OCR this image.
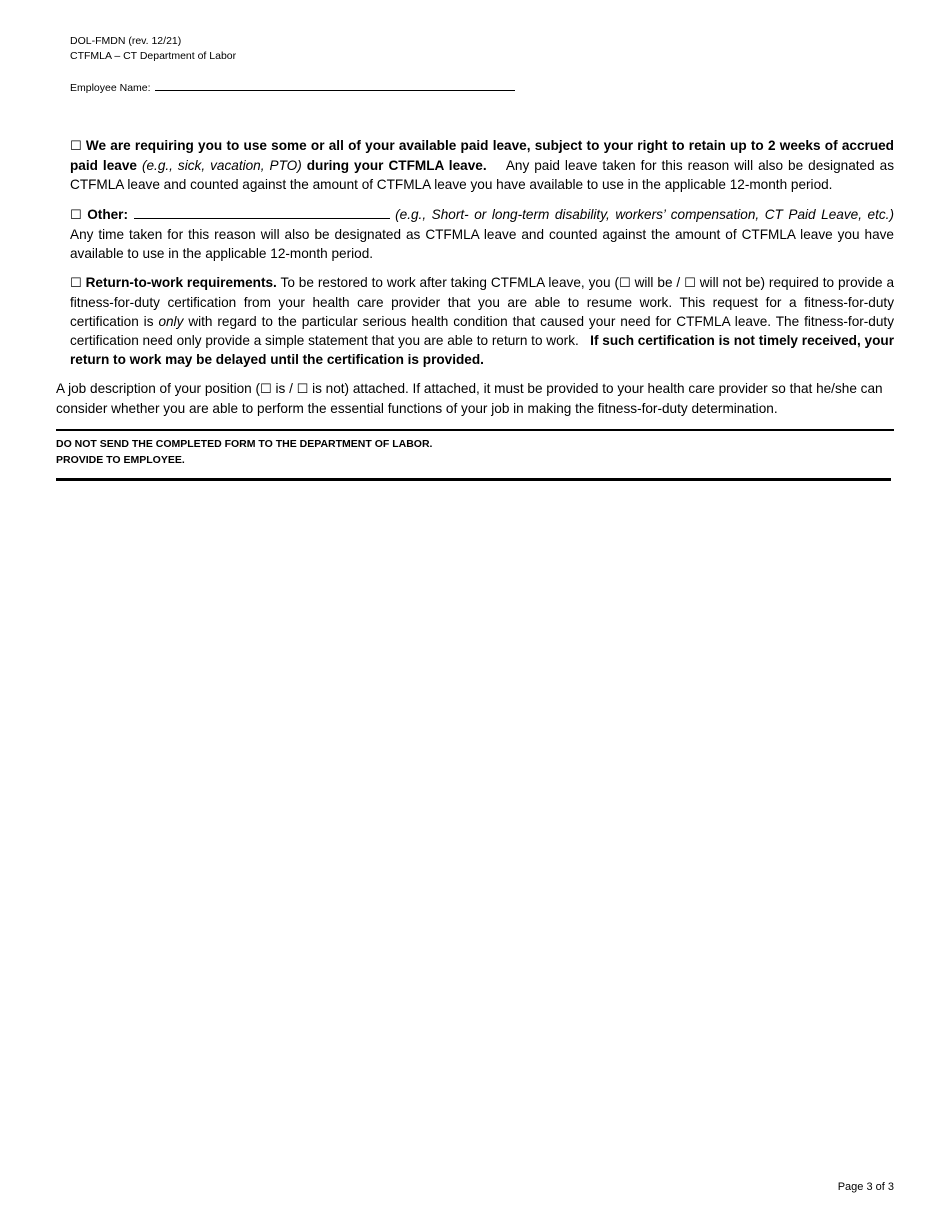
DOL-FMDN (rev. 12/21)
CTFMLA – CT Department of Labor
Employee Name:
☐ We are requiring you to use some or all of your available paid leave, subject to your right to retain up to 2 weeks of accrued paid leave (e.g., sick, vacation, PTO) during your CTFMLA leave. Any paid leave taken for this reason will also be designated as CTFMLA leave and counted against the amount of CTFMLA leave you have available to use in the applicable 12-month period.
☐ Other:	(e.g., Short- or long-term disability, workers’ compensation, CT Paid Leave, etc.) Any time taken for this reason will also be designated as CTFMLA leave and counted against the amount of CTFMLA leave you have available to use in the applicable 12-month period.
☐ Return-to-work requirements. To be restored to work after taking CTFMLA leave, you (☐ will be / ☐ will not be) required to provide a fitness-for-duty certification from your health care provider that you are able to resume work. This request for a fitness-for-duty certification is only with regard to the particular serious health condition that caused your need for CTFMLA leave. The fitness-for-duty certification need only provide a simple statement that you are able to return to work. If such certification is not timely received, your return to work may be delayed until the certification is provided.
A job description of your position (☐ is / ☐ is not) attached. If attached, it must be provided to your health care provider so that he/she can consider whether you are able to perform the essential functions of your job in making the fitness-for-duty determination.
DO NOT SEND THE COMPLETED FORM TO THE DEPARTMENT OF LABOR.
PROVIDE TO EMPLOYEE.
Page 3 of 3
